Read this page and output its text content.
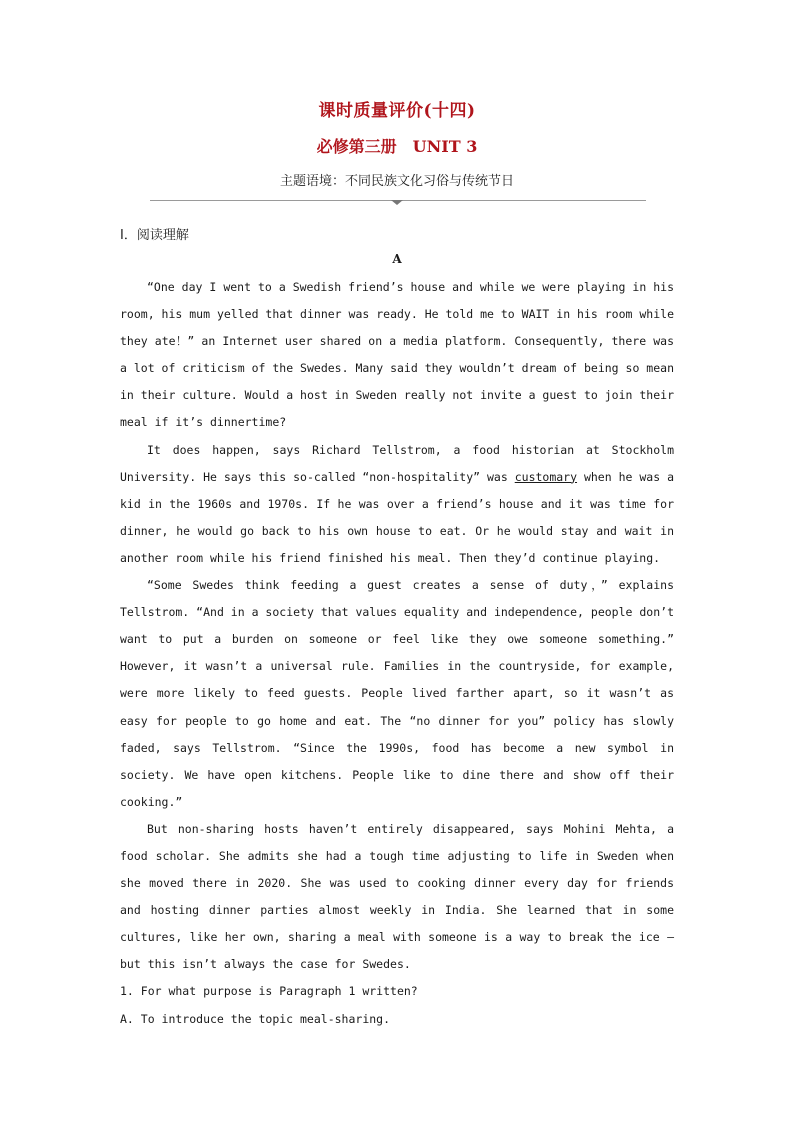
课时质量评价(十四)
必修第三册　UNIT 3
主题语境：不同民族文化习俗与传统节日
Ⅰ．阅读理解
A

“One day I went to a Swedish friend’s house and while we were playing in his room, his mum yelled that dinner was ready. He told me to WAIT in his room while they ate！” an Internet user shared on a media platform. Consequently, there was a lot of criticism of the Swedes. Many said they wouldn’t dream of being so mean in their culture. Would a host in Sweden really not invite a guest to join their meal if it’s dinnertime?

It does happen, says Richard Tellstrom, a food historian at Stockholm University. He says this so-called “non-hospitality” was customary when he was a kid in the 1960s and 1970s. If he was over a friend’s house and it was time for dinner, he would go back to his own house to eat. Or he would stay and wait in another room while his friend finished his meal. Then they’d continue playing.

“Some Swedes think feeding a guest creates a sense of duty，” explains Tellstrom. “And in a society that values equality and independence, people don’t want to put a burden on someone or feel like they owe someone something.” However, it wasn’t a universal rule. Families in the countryside, for example, were more likely to feed guests. People lived farther apart, so it wasn’t as easy for people to go home and eat. The “no dinner for you” policy has slowly faded, says Tellstrom. “Since the 1990s, food has become a new symbol in society. We have open kitchens. People like to dine there and show off their cooking.”

But non-sharing hosts haven’t entirely disappeared, says Mohini Mehta, a food scholar. She admits she had a tough time adjusting to life in Sweden when she moved there in 2020. She was used to cooking dinner every day for friends and hosting dinner parties almost weekly in India. She learned that in some cultures, like her own, sharing a meal with someone is a way to break the ice — but this isn’t always the case for Swedes.

1. For what purpose is Paragraph 1 written?

A. To introduce the topic meal-sharing.
